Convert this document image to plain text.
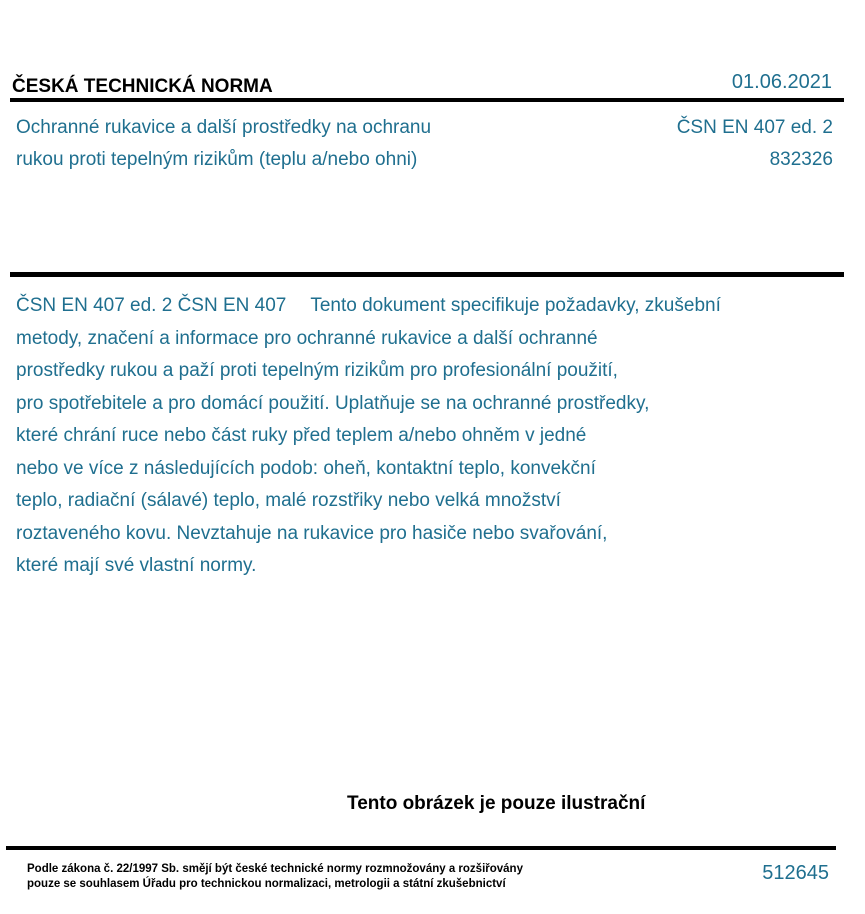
ČESKÁ TECHNICKÁ NORMA	01.06.2021
Ochranné rukavice a další prostředky na ochranu
rukou proti tepelným rizikům (teplu a/nebo ohni)
ČSN EN 407 ed. 2
832326
ČSN EN 407 ed. 2 ČSN EN 407 Tento dokument specifikuje požadavky, zkušební
metody, značení a informace pro ochranné rukavice a další ochranné
prostředky rukou a paží proti tepelným rizikům pro profesionální použití,
pro spotřebitele a pro domácí použití. Uplatňuje se na ochranné prostředky,
které chrání ruce nebo část ruky před teplem a/nebo ohněm v jedné
nebo ve více z následujících podob: oheň, kontaktní teplo, konvekční
teplo, radiační (sálavé) teplo, malé rozstřiky nebo velká množství
roztaveného kovu. Nevztahuje na rukavice pro hasiče nebo svařování,
které mají své vlastní normy.
Tento obrázek je pouze ilustrační
Podle zákona č. 22/1997 Sb. smějí být české technické normy rozmnožovány a rozšiřovány
pouze se souhlasem Úřadu pro technickou normalizaci, metrologii a státní zkušebnictví	512645
